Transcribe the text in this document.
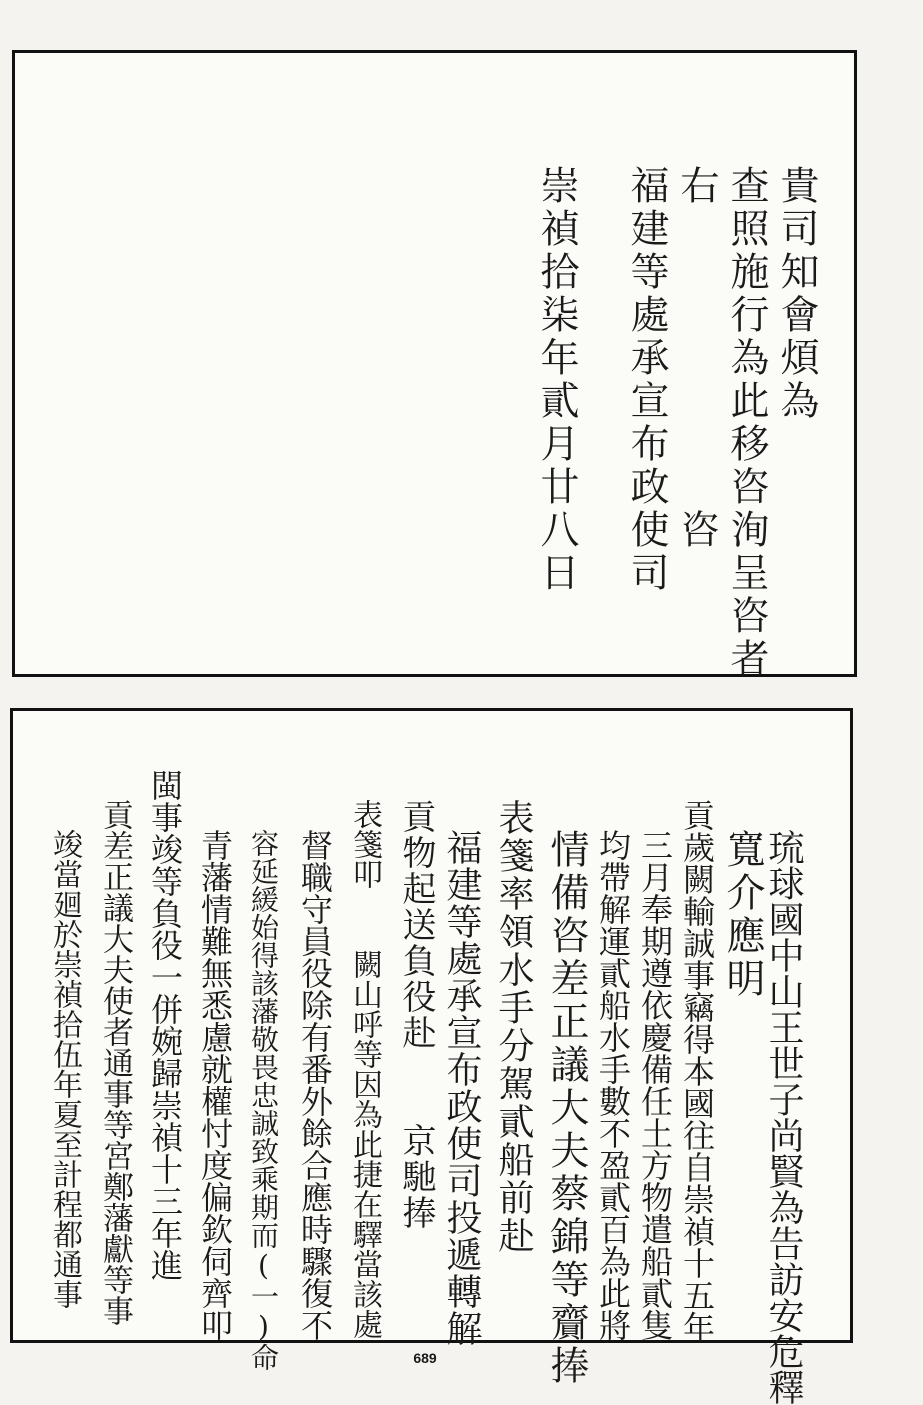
貴司知會煩為
查照施行為此移咨洵呈咨者
右　　　　　　　咨
福建等處承宣布政使司
崇禎拾柒年貳月廿八日
琉球國中山王世子尚賢為告訪安危釋
寬介應明
貢歲闕輸誠事竊得本國往自崇禎十五年
三月奉期遵依慶備任土方物遣船貳隻
均帶解運貳船水手數不盈貳百為此將
情備咨差正議大夫蔡錦等齎捧
表箋率領水手分駕貳船前赴
福建等處承宣布政使司投遞轉解
貢物起送負役赴　　京馳捧
表箋叩　　闕山呼等因為此捷在驛當該處
督職守員役除有番外餘合應時驟復不
容延緩始得該藩敬畏忠誠致乘期而(一)命
青藩情難無悉慮就權忖度偏欽伺齊叩
閩事竣等負役一併婉歸崇禎十三年進
貢差正議大夫使者通事等宮鄭藩獻等事
竣當廻於崇禎拾伍年夏至計程都通事
689
